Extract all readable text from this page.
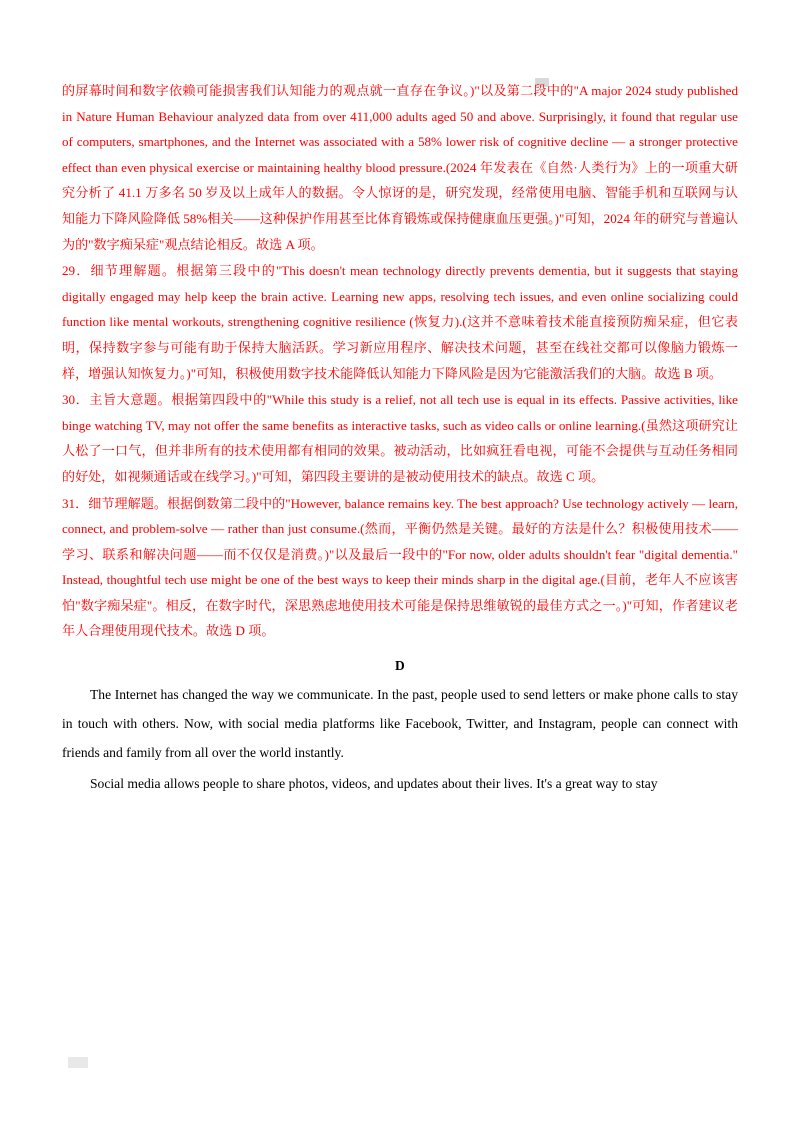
的屏幕时间和数字依赖可能损害我们认知能力的观点就一直存在争议。)"以及第二段中的"A major 2024 study published in Nature Human Behaviour analyzed data from over 411,000 adults aged 50 and above. Surprisingly, it found that regular use of computers, smartphones, and the Internet was associated with a 58% lower risk of cognitive decline — a stronger protective effect than even physical exercise or maintaining healthy blood pressure.(2024 年发表在《自然·人类行为》上的一项重大研究分析了 41.1 万多名 50 岁及以上成年人的数据。令人惊讶的是，研究发现，经常使用电脑、智能手机和互联网与认知能力下降风险降低 58%相关——这种保护作用甚至比体育锻炼或保持健康血压更强。)"可知，2024 年的研究与普遍认为的"数字痴呆症"观点结论相反。故选 A 项。

29．细节理解题。根据第三段中的"This doesn't mean technology directly prevents dementia, but it suggests that staying digitally engaged may help keep the brain active. Learning new apps, resolving tech issues, and even online socializing could function like mental workouts, strengthening cognitive resilience (恢复力).(这并不意味着技术能直接预防痴呆症，但它表明，保持数字参与可能有助于保持大脑活跃。学习新应用程序、解决技术问题，甚至在线社交都可以像脑力锻炼一样，增强认知恢复力。)"可知，积极使用数字技术能降低认知能力下降风险是因为它能激活我们的大脑。故选 B 项。

30．主旨大意题。根据第四段中的"While this study is a relief, not all tech use is equal in its effects. Passive activities, like binge watching TV, may not offer the same benefits as interactive tasks, such as video calls or online learning.(虽然这项研究让人松了一口气，但并非所有的技术使用都有相同的效果。被动活动，比如疯狂看电视，可能不会提供与互动任务相同的好处，如视频通话或在线学习。)"可知，第四段主要讲的是被动使用技术的缺点。故选 C 项。

31．细节理解题。根据倒数第二段中的"However, balance remains key. The best approach? Use technology actively — learn, connect, and problem-solve — rather than just consume.(然而，平衡仍然是关键。最好的方法是什么？积极使用技术——学习、联系和解决问题——而不仅仅是消费。)"以及最后一段中的"For now, older adults shouldn't fear "digital dementia." Instead, thoughtful tech use might be one of the best ways to keep their minds sharp in the digital age.(目前，老年人不应该害怕"数字痴呆症"。相反，在数字时代，深思熟虑地使用技术可能是保持思维敏锐的最佳方式之一。)"可知，作者建议老年人合理使用现代技术。故选 D 项。

D

The Internet has changed the way we communicate. In the past, people used to send letters or make phone calls to stay in touch with others. Now, with social media platforms like Facebook, Twitter, and Instagram, people can connect with friends and family from all over the world instantly.

Social media allows people to share photos, videos, and updates about their lives. It's a great way to stay
